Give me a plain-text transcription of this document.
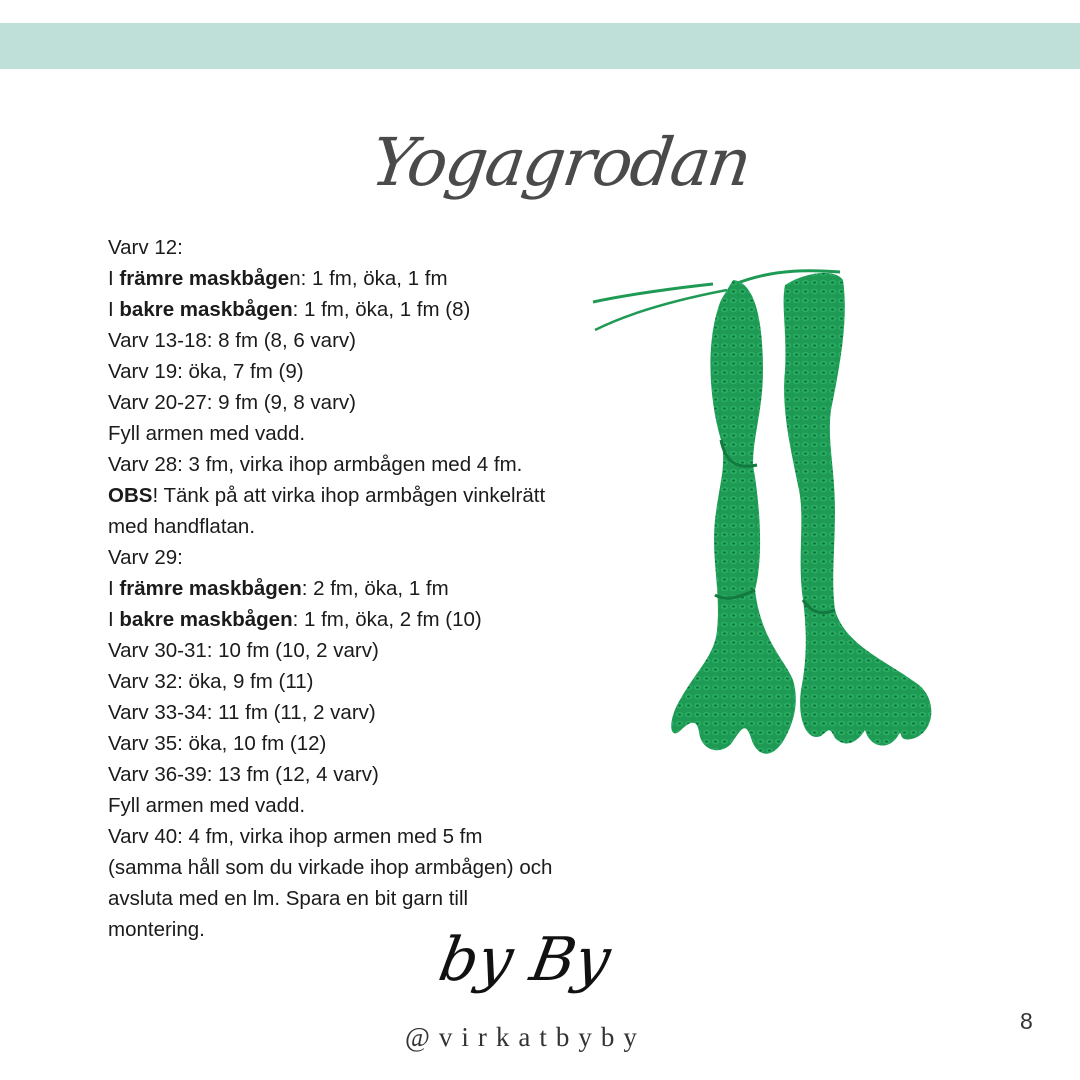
Yogagrodan
Varv 12:
I främre maskbågen: 1 fm, öka, 1 fm
I bakre maskbågen: 1 fm, öka, 1 fm (8)
Varv 13-18: 8 fm (8, 6 varv)
Varv 19: öka, 7 fm (9)
Varv 20-27: 9 fm (9, 8 varv)
Fyll armen med vadd.
Varv 28: 3 fm, virka ihop armbågen med 4 fm.
OBS! Tänk på att virka ihop armbågen vinkelrätt
med handflatan.
Varv 29:
I främre maskbågen: 2 fm, öka, 1 fm
I bakre maskbågen: 1 fm, öka, 2 fm (10)
Varv 30-31: 10 fm (10, 2 varv)
Varv 32: öka, 9 fm (11)
Varv 33-34: 11 fm (11, 2 varv)
Varv 35: öka, 10 fm (12)
Varv 36-39: 13 fm (12, 4 varv)
Fyll armen med vadd.
Varv 40: 4 fm, virka ihop armen med 5 fm
(samma håll som du virkade ihop armbågen) och
avsluta med en lm. Spara en bit garn till
montering.	by By
@virkatbyby
8
